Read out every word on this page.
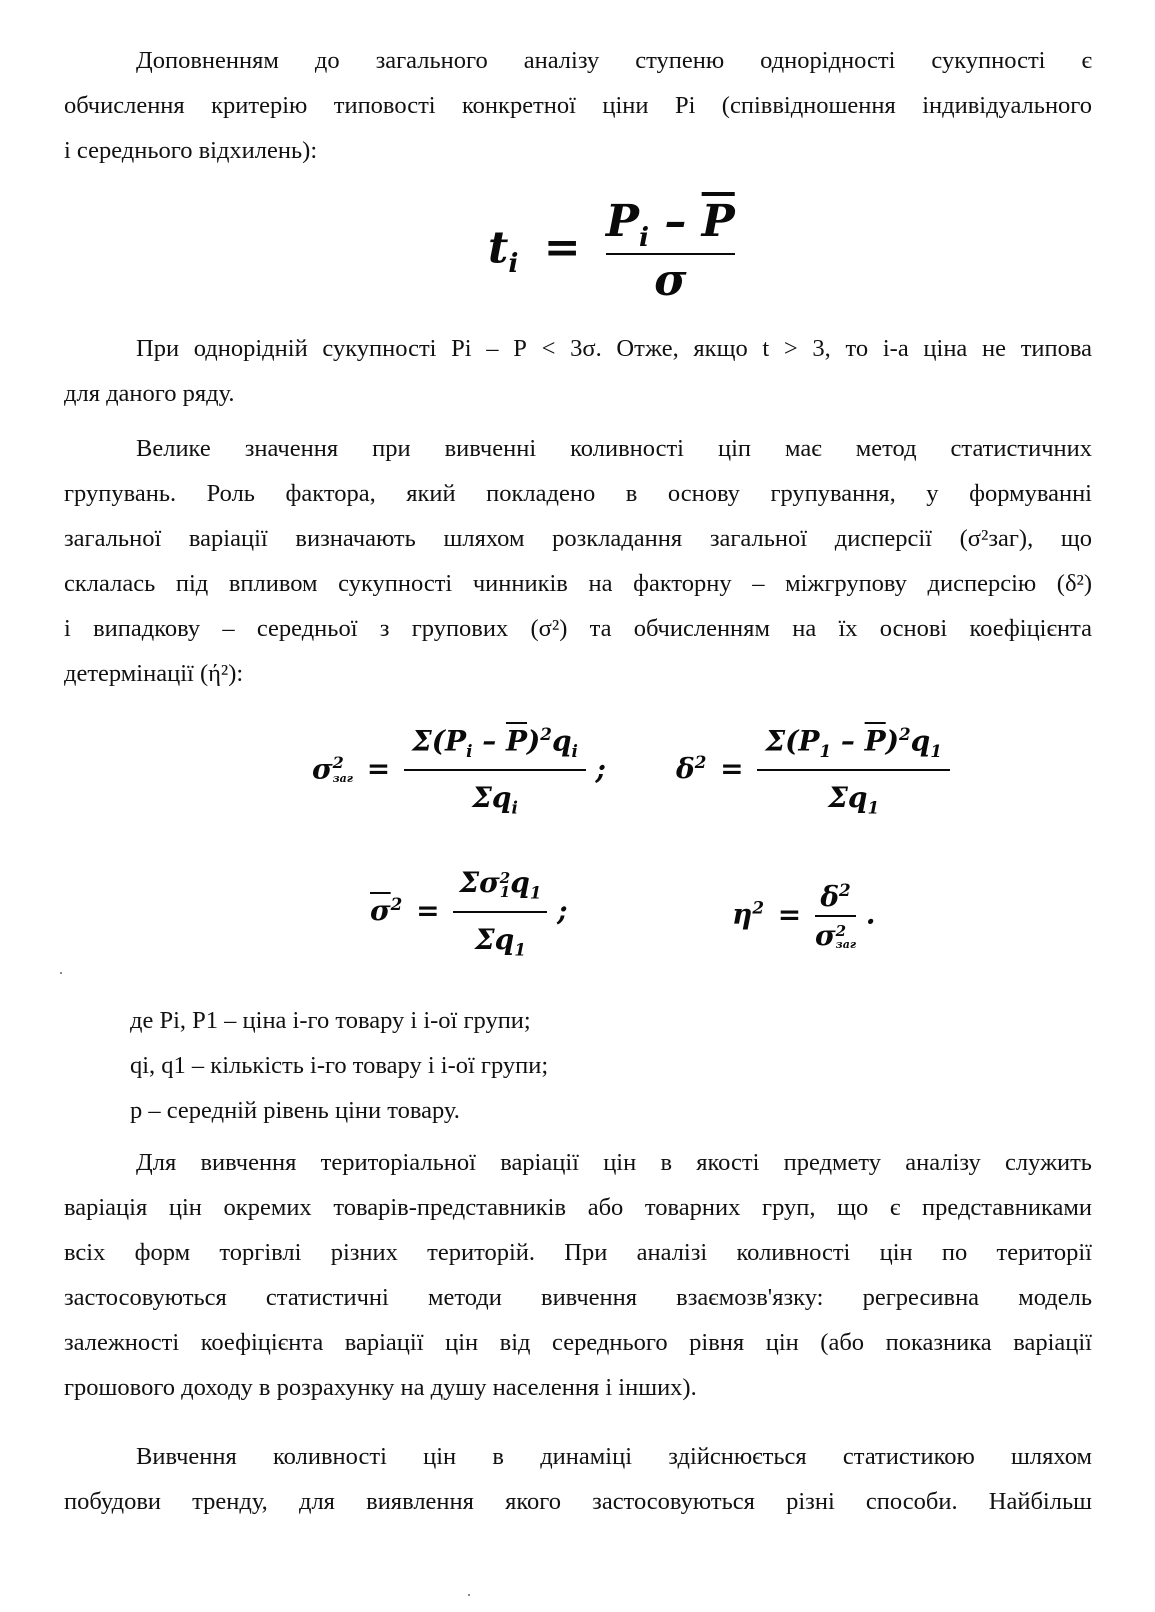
Доповненням до загального аналізу ступеню однорідності сукупності є
обчислення критерію типовості конкретної ціни Рі (співвідношення індивідуального
і середнього відхилень):

$t_i = \frac{P_i - \overline{P}}{\sigma}$

При однорідній сукупності Рі – Р < 3σ. Отже, якщо t > 3, то і-а ціна не типова
для даного ряду.

Велике значення при вивченні коливності ціп має метод статистичних
групувань. Роль фактора, який покладено в основу групування, у формуванні
загальної варіації визначають шляхом розкладання загальної дисперсії (σ²заг), що
склалась під впливом сукупності чинників на факторну – міжгрупову дисперсію (δ²)
і випадкову – середньої з групових (σ²) та обчисленням на їх основі коефіцієнта
детермінації (ή²):

σ 2
заг = $\frac{\Sigma(P_i - \overline{P})^2q_i}{\Sigma q_i}$ ;	$\delta^2 = \frac{\Sigma(P_1 - \overline{P})^2q_1}{\Sigma q_1}$
$\overline{\sigma}^2 = \Sigma\sigma$ 2
1 $q_1$
$\Sigma q_1$ ;	$\eta^2 = \delta^2$
σ 2
заг .
де Pі, P1 – ціна і-го товару і і-ої групи;
qi, q1 – кількість і-го товару і і-ої групи;
р – середній рівень ціни товару.

Для вивчення територіальної варіації цін в якості предмету аналізу служить
варіація цін окремих товарів-представників або товарних груп, що є представниками
всіх форм торгівлі різних територій. При аналізі коливності цін по території
застосовуються статистичні методи вивчення взаємозв'язку: регресивна модель
залежності коефіцієнта варіації цін від середнього рівня цін (або показника варіації
грошового доходу в розрахунку на душу населення і інших).

Вивчення коливності цін в динаміці здійснюється статистикою шляхом
побудови тренду, для виявлення якого застосовуються різні способи. Найбільш
